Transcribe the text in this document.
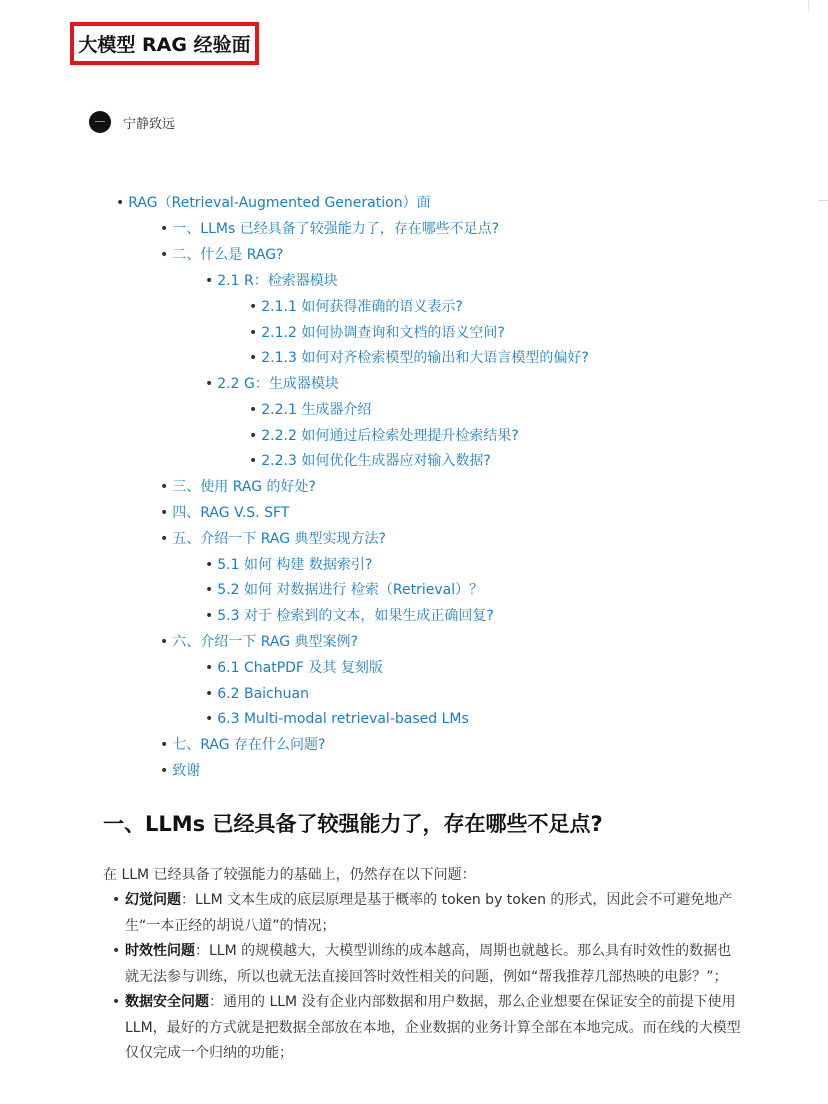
大模型 RAG 经验面
宁静致远
• RAG（Retrieval-Augmented Generation）面
• 一、LLMs 已经具备了较强能力了，存在哪些不足点?
• 二、什么是 RAG?
• 2.1 R：检索器模块
• 2.1.1 如何获得准确的语义表示?
• 2.1.2 如何协调查询和文档的语义空间?
• 2.1.3 如何对齐检索模型的输出和大语言模型的偏好?
• 2.2 G：生成器模块
• 2.2.1 生成器介绍
• 2.2.2 如何通过后检索处理提升检索结果?
• 2.2.3 如何优化生成器应对输入数据?
• 三、使用 RAG 的好处?
• 四、RAG V.S. SFT
• 五、介绍一下 RAG 典型实现方法?
• 5.1 如何 构建 数据索引?
• 5.2 如何 对数据进行 检索（Retrieval）？
• 5.3 对于 检索到的文本，如果生成正确回复?
• 六、介绍一下 RAG 典型案例?
• 6.1 ChatPDF 及其 复刻版
• 6.2 Baichuan
• 6.3 Multi-modal retrieval-based LMs
• 七、RAG 存在什么问题?
• 致谢
一、LLMs 已经具备了较强能力了，存在哪些不足点?
在 LLM 已经具备了较强能力的基础上，仍然存在以下问题：
• 幻觉问题：LLM 文本生成的底层原理是基于概率的 token by token 的形式，因此会不可避免地产生“一本正经的胡说八道”的情况；
• 时效性问题：LLM 的规模越大，大模型训练的成本越高，周期也就越长。那么具有时效性的数据也就无法参与训练，所以也就无法直接回答时效性相关的问题，例如“帮我推荐几部热映的电影？”；
• 数据安全问题：通用的 LLM 没有企业内部数据和用户数据，那么企业想要在保证安全的前提下使用 LLM，最好的方式就是把数据全部放在本地，企业数据的业务计算全部在本地完成。而在线的大模型仅仅完成一个归纳的功能；
